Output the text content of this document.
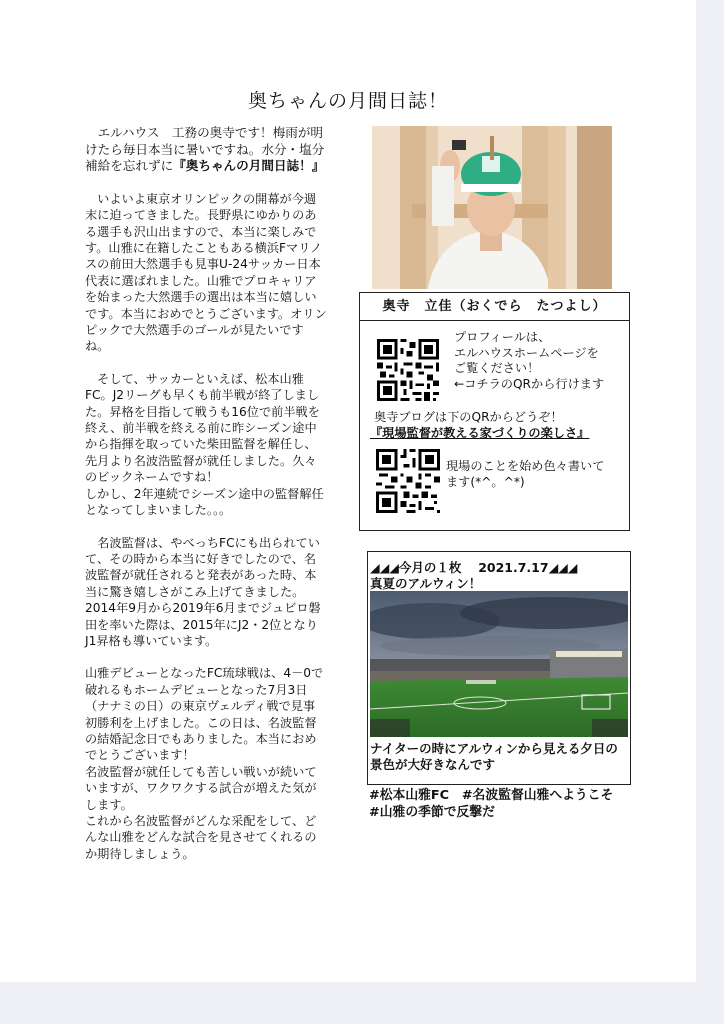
奥ちゃんの月間日誌！

　エルハウス　工務の奥寺です！梅雨が明けたら毎日本当に暑いですね。水分・塩分補給を忘れずに『奥ちゃんの月間日誌！』

　いよいよ東京オリンピックの開幕が今週末に迫ってきました。長野県にゆかりのある選手も沢山出ますので、本当に楽しみです。山雅に在籍したこともある横浜Fマリノスの前田大然選手も見事U-24サッカー日本代表に選ばれました。山雅でプロキャリアを始まった大然選手の選出は本当に嬉しいです。本当におめでとうございます。オリンピックで大然選手のゴールが見たいですね。

　そして、サッカーといえば、松本山雅FC。J2リーグも早くも前半戦が終了しました。昇格を目指して戦うも16位で前半戦を終え、前半戦を終える前に昨シーズン途中から指揮を取っていた柴田監督を解任し、先月より名波浩監督が就任しました。久々のビックネームですね！
しかし、2年連続でシーズン途中の監督解任となってしまいました。。。

　名波監督は、やべっちFCにも出られていて、その時から本当に好きでしたので、名波監督が就任されると発表があった時、本当に驚き嬉しさがこみ上げてきました。2014年9月から2019年6月までジュビロ磐田を率いた際は、2015年にJ2・2位となりJ1昇格も導いています。

山雅デビューとなったFC琉球戦は、4－0で破れるもホームデビューとなった7月3日（ナナミの日）の東京ヴェルディ戦で見事初勝利を上げました。この日は、名波監督の結婚記念日でもありました。本当におめでとうございます！
名波監督が就任しても苦しい戦いが続いていますが、ワクワクする試合が増えた気がします。
これから名波監督がどんな采配をして、どんな山雅をどんな試合を見させてくれるのか期待しましょう。

奥寺　立佳（おくでら　たつよし）
プロフィールは、
エルハウスホームページを
ご覧ください！
←コチラのQRから行けます
奥寺ブログは下のQRからどうぞ！
『現場監督が教える家づくりの楽しさ』
現場のことを始め色々書いて
ます(*^。^*)
◢◢◢今月の１枚　 2021.7.17◢◢◢
真夏のアルウィン！
ナイターの時にアルウィンから見える夕日の景色が大好きなんです
#松本山雅FC　#名波監督山雅へようこそ　#山雅の季節で反撃だ
